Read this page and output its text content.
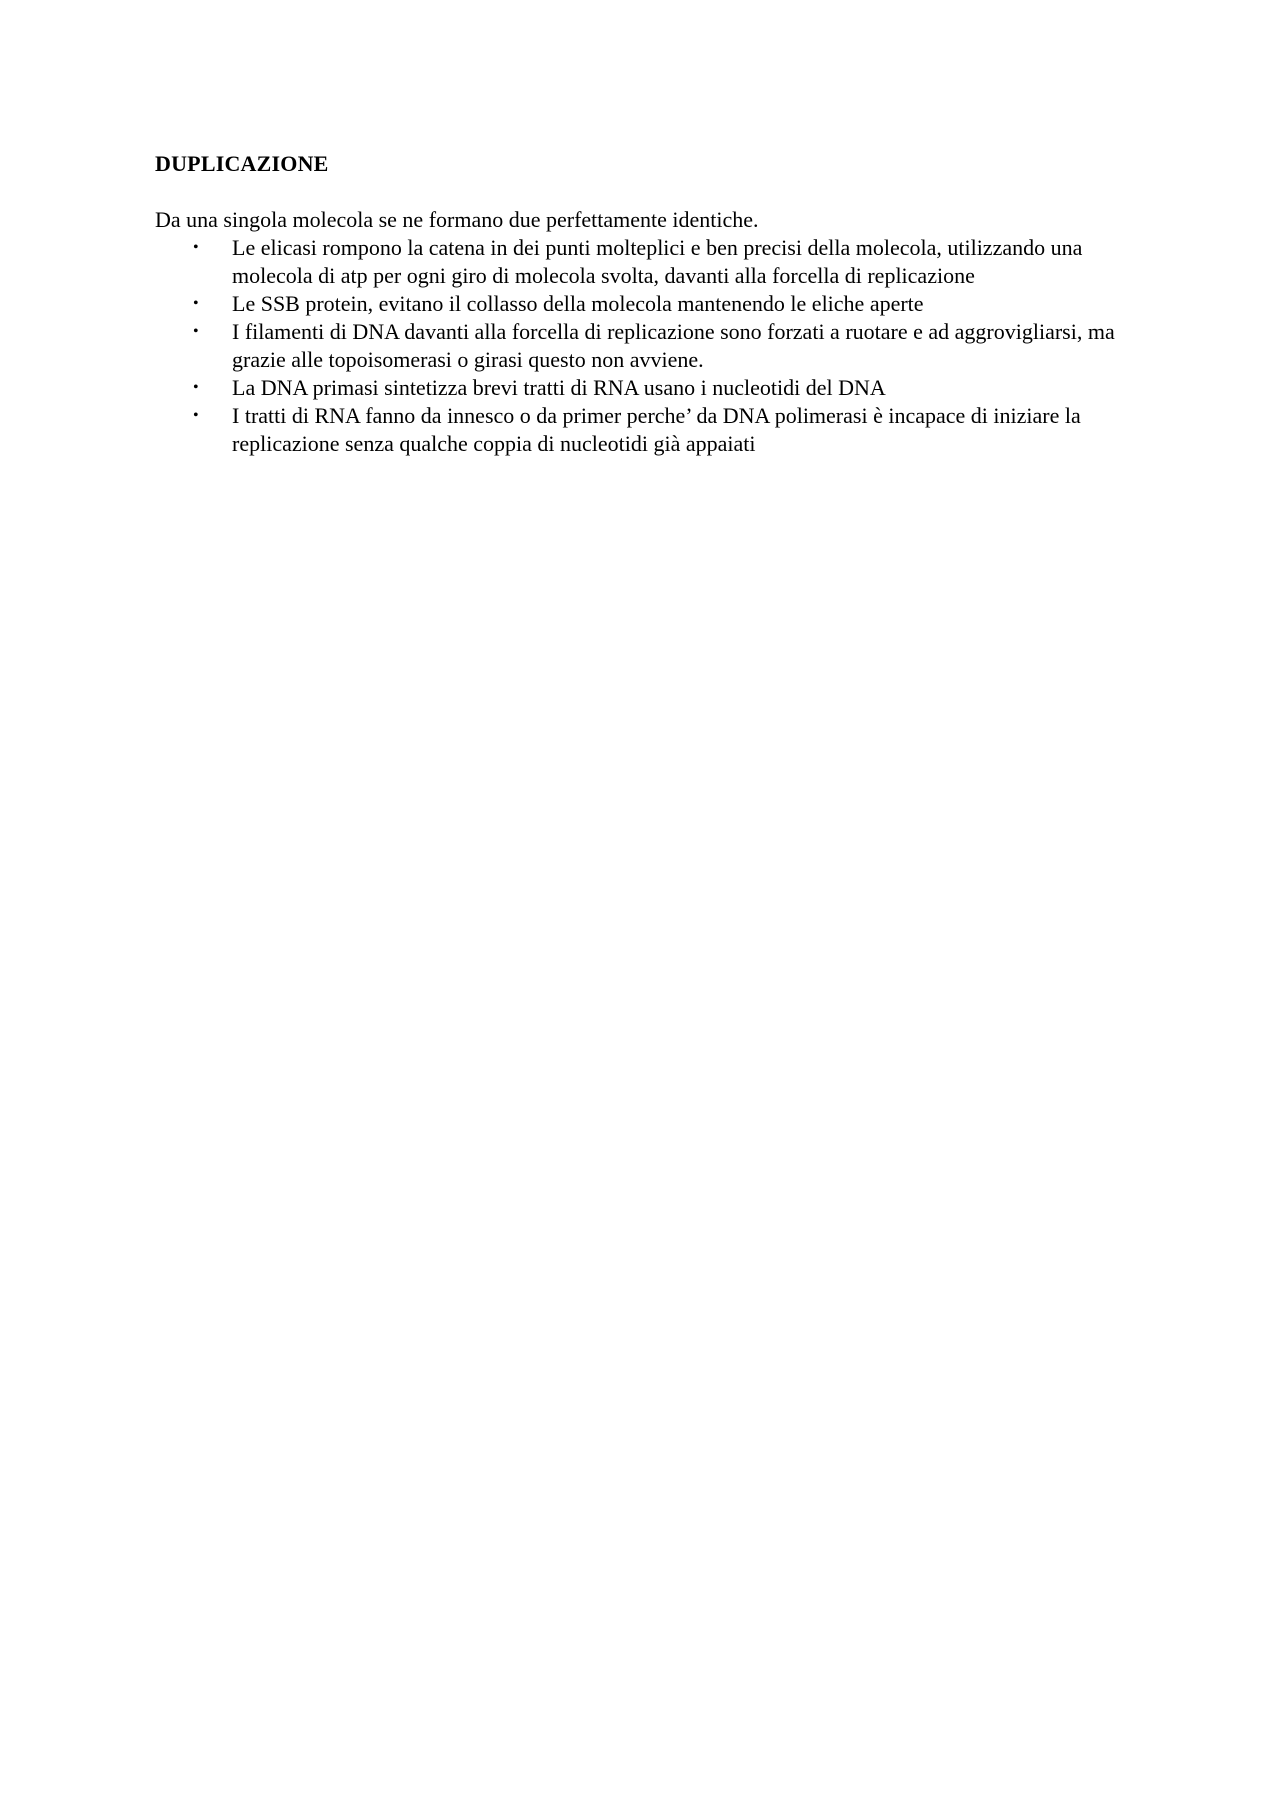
DUPLICAZIONE

Da una singola molecola se ne formano due perfettamente identiche.

• Le elicasi rompono la catena in dei punti molteplici e ben precisi della molecola, utilizzando una molecola di atp per ogni giro di molecola svolta, davanti alla forcella di replicazione
• Le SSB protein, evitano il collasso della molecola mantenendo le eliche aperte
• I filamenti di DNA davanti alla forcella di replicazione sono forzati a ruotare e ad aggrovigliarsi, ma grazie alle topoisomerasi o girasi questo non avviene.
• La DNA primasi sintetizza brevi tratti di RNA usano i nucleotidi del DNA
• I tratti di RNA fanno da innesco o da primer perche’ da DNA polimerasi è incapace di iniziare la replicazione senza qualche coppia di nucleotidi già appaiati
